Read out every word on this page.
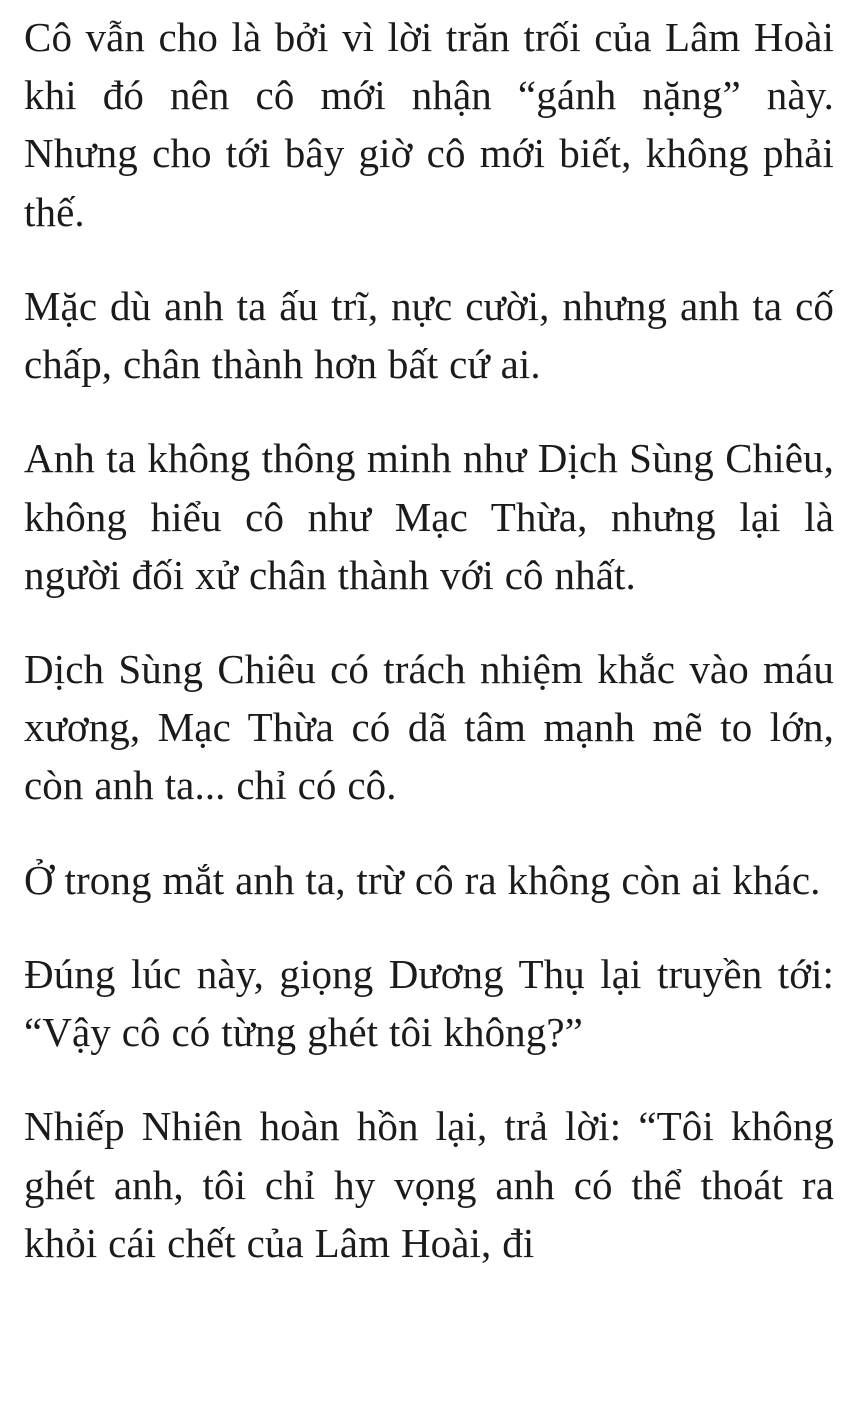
Cô vẫn cho là bởi vì lời trăn trối của Lâm Hoài khi đó nên cô mới nhận “gánh nặng” này. Nhưng cho tới bây giờ cô mới biết, không phải thế.

Mặc dù anh ta ấu trĩ, nực cười, nhưng anh ta cố chấp, chân thành hơn bất cứ ai.

Anh ta không thông minh như Dịch Sùng Chiêu, không hiểu cô như Mạc Thừa, nhưng lại là người đối xử chân thành với cô nhất.

Dịch Sùng Chiêu có trách nhiệm khắc vào máu xương, Mạc Thừa có dã tâm mạnh mẽ to lớn, còn anh ta... chỉ có cô.

Ở trong mắt anh ta, trừ cô ra không còn ai khác.

Đúng lúc này, giọng Dương Thụ lại truyền tới: “Vậy cô có từng ghét tôi không?”

Nhiếp Nhiên hoàn hồn lại, trả lời: “Tôi không ghét anh, tôi chỉ hy vọng anh có thể thoát ra khỏi cái chết của Lâm Hoài, đi
